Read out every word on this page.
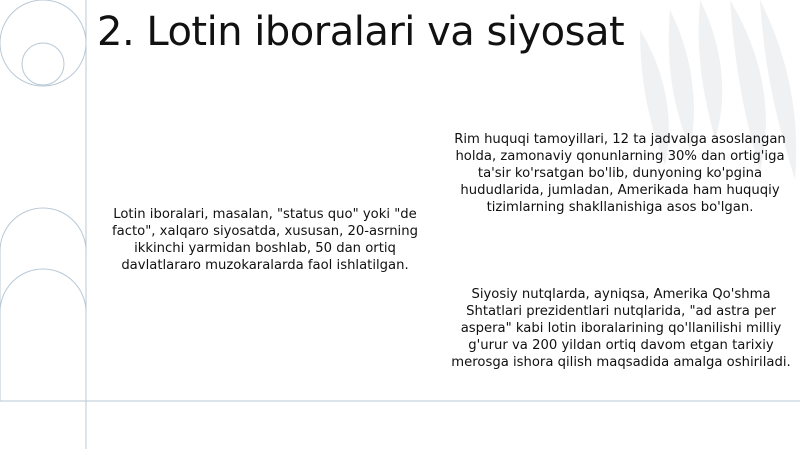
2. Lotin iboralari va siyosat
Lotin iboralari, masalan, "status quo" yoki "de facto", xalqaro siyosatda, xususan, 20-asrning ikkinchi yarmidan boshlab, 50 dan ortiq davlatlararo muzokaralarda faol ishlatilgan.
Rim huquqi tamoyillari, 12 ta jadvalga asoslangan holda, zamonaviy qonunlarning 30% dan ortig'iga ta'sir ko'rsatgan bo'lib, dunyoning ko'pgina hududlarida, jumladan, Amerikada ham huquqiy tizimlarning shakllanishiga asos bo'lgan.
Siyosiy nutqlarda, ayniqsa, Amerika Qo'shma Shtatlari prezidentlari nutqlarida, "ad astra per aspera" kabi lotin iboralarining qo'llanilishi milliy g'urur va 200 yildan ortiq davom etgan tarixiy merosga ishora qilish maqsadida amalga oshiriladi.
